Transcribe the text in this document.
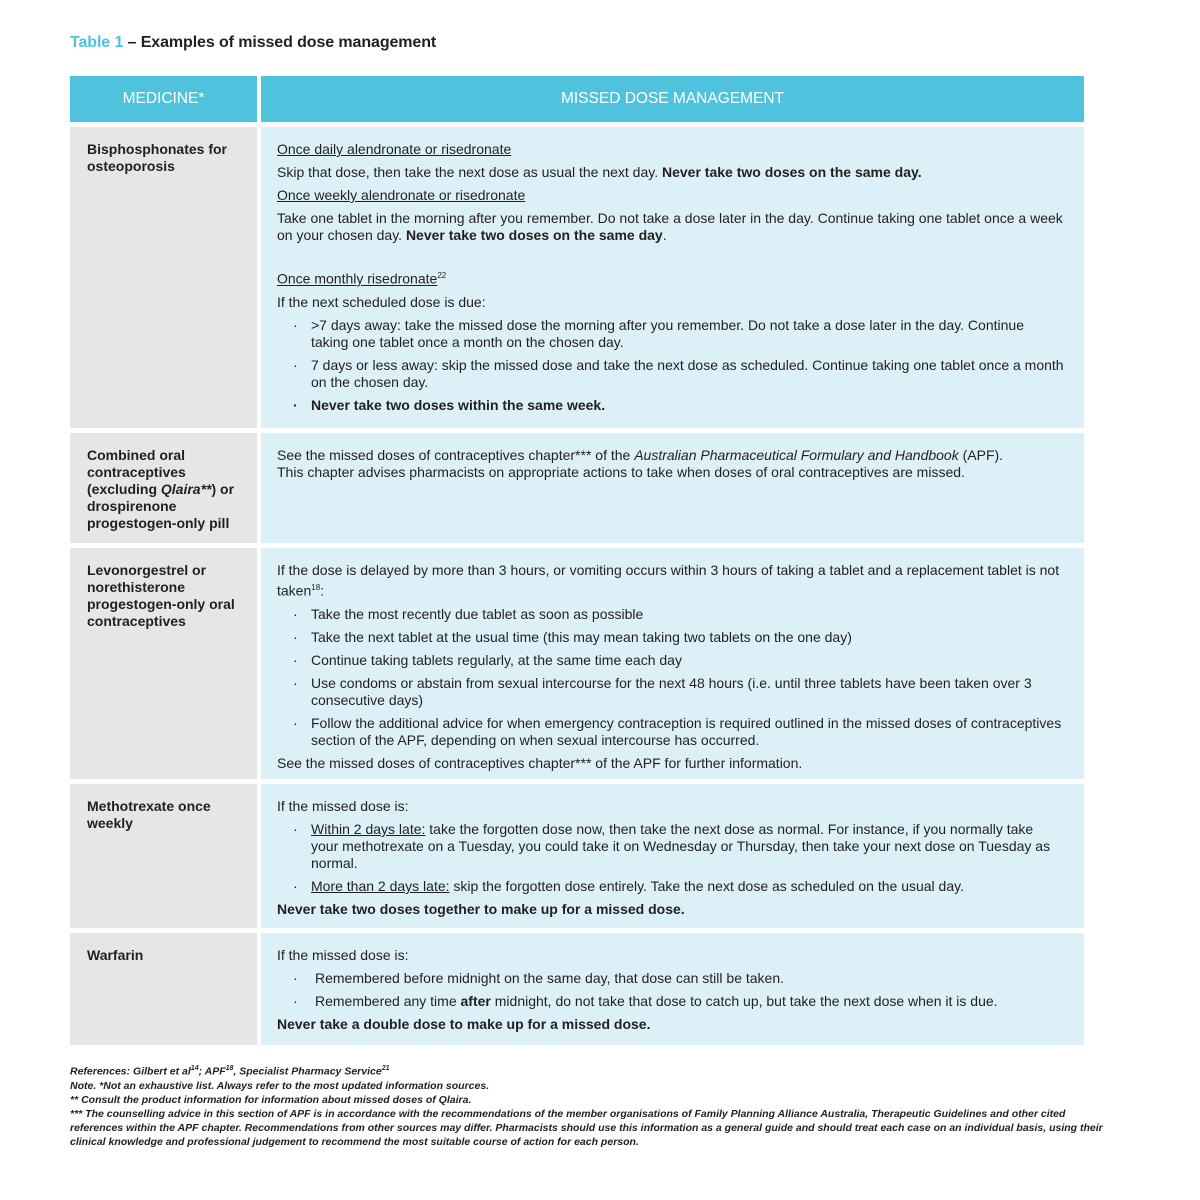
Table 1 – Examples of missed dose management
MEDICINE*	MISSED DOSE MANAGEMENT
Bisphosphonates for osteoporosis

Once daily alendronate or risedronate

Skip that dose, then take the next dose as usual the next day. Never take two doses on the same day.

Once weekly alendronate or risedronate

Take one tablet in the morning after you remember. Do not take a dose later in the day. Continue taking one tablet once a week on your chosen day. Never take two doses on the same day.

Once monthly risedronate$^{22}$

If the next scheduled dose is due:

· >7 days away: take the missed dose the morning after you remember. Do not take a dose later in the day. Continue taking one tablet once a month on the chosen day.
· 7 days or less away: skip the missed dose and take the next dose as scheduled. Continue taking one tablet once a month on the chosen day.
· Never take two doses within the same week.
Combined oral contraceptives (excluding Qlaira**) or drospirenone progestogen-only pill
See the missed doses of contraceptives chapter*** of the Australian Pharmaceutical Formulary and Handbook (APF).
This chapter advises pharmacists on appropriate actions to take when doses of oral contraceptives are missed.
Levonorgestrel or norethisterone progestogen-only oral contraceptives

If the dose is delayed by more than 3 hours, or vomiting occurs within 3 hours of taking a tablet and a replacement tablet is not taken$^{18}$:

· Take the most recently due tablet as soon as possible
· Take the next tablet at the usual time (this may mean taking two tablets on the one day)
· Continue taking tablets regularly, at the same time each day
· Use condoms or abstain from sexual intercourse for the next 48 hours (i.e. until three tablets have been taken over 3 consecutive days)
· Follow the additional advice for when emergency contraception is required outlined in the missed doses of contraceptives section of the APF, depending on when sexual intercourse has occurred.

See the missed doses of contraceptives chapter*** of the APF for further information.

Methotrexate once weekly

If the missed dose is:

· Within 2 days late: take the forgotten dose now, then take the next dose as normal. For instance, if you normally take your methotrexate on a Tuesday, you could take it on Wednesday or Thursday, then take your next dose on Tuesday as normal.
· More than 2 days late: skip the forgotten dose entirely. Take the next dose as scheduled on the usual day.

Never take two doses together to make up for a missed dose.

Warfarin	If the missed dose is:

· Remembered before midnight on the same day, that dose can still be taken.
· Remembered any time after midnight, do not take that dose to catch up, but take the next dose when it is due.

Never take a double dose to make up for a missed dose.

References: Gilbert et $al^{14}$; APF$^{18}$, Specialist Pharmacy Service$^{21}$
Note. *Not an exhaustive list. Always refer to the most updated information sources.
** Consult the product information for information about missed doses of Qlaira.
*** The counselling advice in this section of APF is in accordance with the recommendations of the member organisations of Family Planning Alliance Australia, Therapeutic Guidelines and other cited references within the APF chapter. Recommendations from other sources may differ. Pharmacists should use this information as a general guide and should treat each case on an individual basis, using their clinical knowledge and professional judgement to recommend the most suitable course of action for each person.
